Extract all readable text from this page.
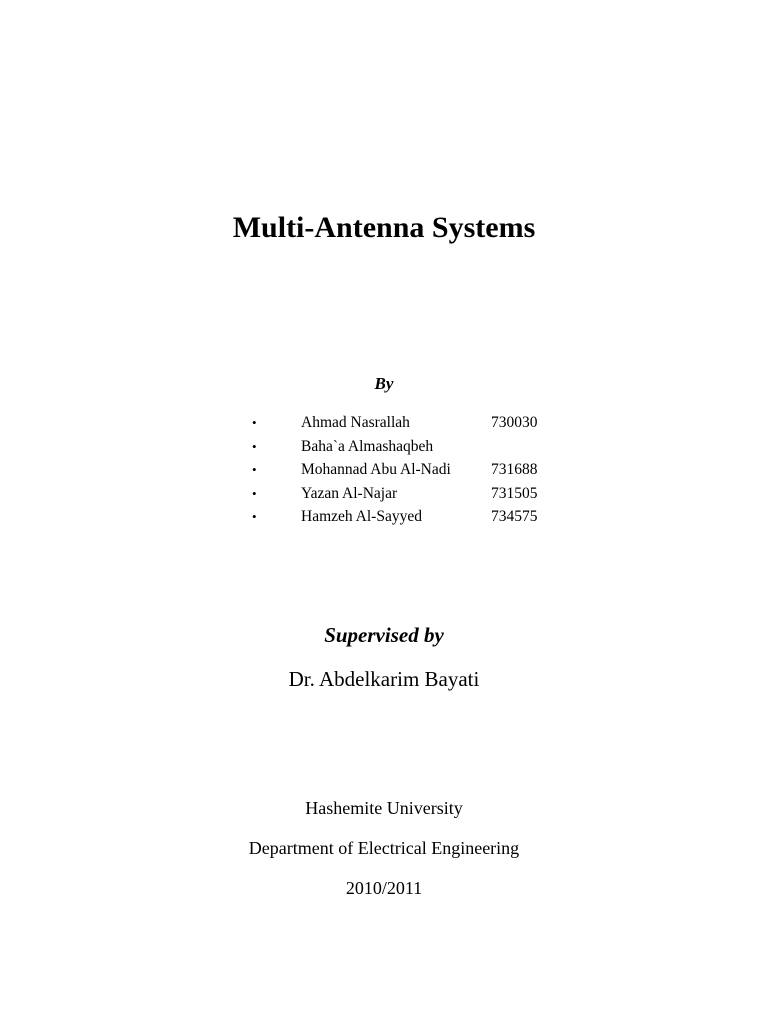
Multi-Antenna Systems
By
•	Ahmad Nasrallah	730030
•	Baha`a Almashaqbeh
•	Mohannad Abu Al-Nadi	731688
•	Yazan Al-Najar	731505
•	Hamzeh Al-Sayyed	734575
Supervised by
Dr. Abdelkarim Bayati
Hashemite University
Department of Electrical Engineering
2010/2011
